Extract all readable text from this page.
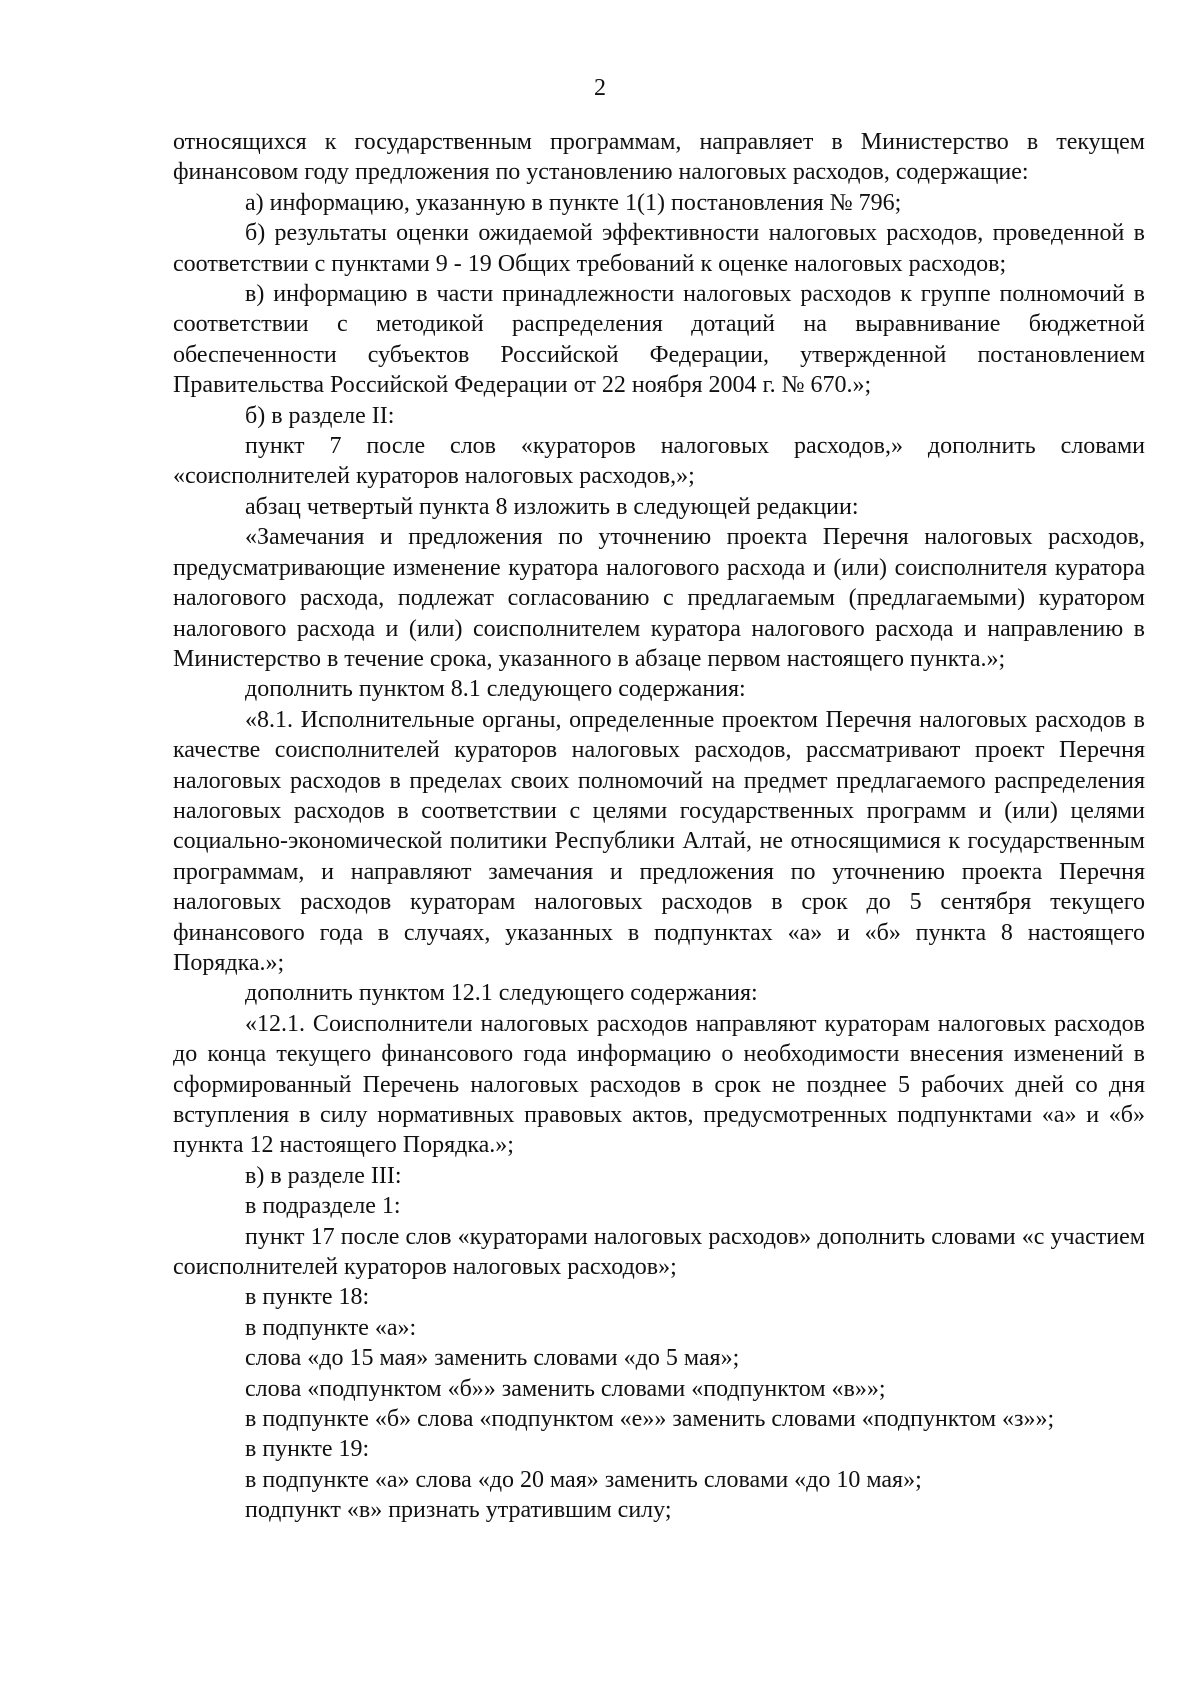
2

относящихся к государственным программам, направляет в Министерство в текущем финансовом году предложения по установлению налоговых расходов, содержащие:

а) информацию, указанную в пункте 1(1) постановления № 796;

б) результаты оценки ожидаемой эффективности налоговых расходов, проведенной в соответствии с пунктами 9 - 19 Общих требований к оценке налоговых расходов;

в) информацию в части принадлежности налоговых расходов к группе полномочий в соответствии с методикой распределения дотаций на выравнивание бюджетной обеспеченности субъектов Российской Федерации, утвержденной постановлением Правительства Российской Федерации от 22 ноября 2004 г. № 670.»;

б) в разделе II:

пункт 7 после слов «кураторов налоговых расходов,» дополнить словами «соисполнителей кураторов налоговых расходов,»;

абзац четвертый пункта 8 изложить в следующей редакции:

«Замечания и предложения по уточнению проекта Перечня налоговых расходов, предусматривающие изменение куратора налогового расхода и (или) соисполнителя куратора налогового расхода, подлежат согласованию с предлагаемым (предлагаемыми) куратором налогового расхода и (или) соисполнителем куратора налогового расхода и направлению в Министерство в течение срока, указанного в абзаце первом настоящего пункта.»;

дополнить пунктом 8.1 следующего содержания:

«8.1. Исполнительные органы, определенные проектом Перечня налоговых расходов в качестве соисполнителей кураторов налоговых расходов, рассматривают проект Перечня налоговых расходов в пределах своих полномочий на предмет предлагаемого распределения налоговых расходов в соответствии с целями государственных программ и (или) целями социально-экономической политики Республики Алтай, не относящимися к государственным программам, и направляют замечания и предложения по уточнению проекта Перечня налоговых расходов кураторам налоговых расходов в срок до 5 сентября текущего финансового года в случаях, указанных в подпунктах «а» и «б» пункта 8 настоящего Порядка.»;

дополнить пунктом 12.1 следующего содержания:

«12.1. Соисполнители налоговых расходов направляют кураторам налоговых расходов до конца текущего финансового года информацию о необходимости внесения изменений в сформированный Перечень налоговых расходов в срок не позднее 5 рабочих дней со дня вступления в силу нормативных правовых актов, предусмотренных подпунктами «а» и «б» пункта 12 настоящего Порядка.»;

в) в разделе III:

в подразделе 1:

пункт 17 после слов «кураторами налоговых расходов» дополнить словами «с участием соисполнителей кураторов налоговых расходов»;

в пункте 18:

в подпункте «а»:

слова «до 15 мая» заменить словами «до 5 мая»;

слова «подпунктом «б»» заменить словами «подпунктом «в»»;

в подпункте «б» слова «подпунктом «е»» заменить словами «подпунктом «з»»;

в пункте 19:

в подпункте «а» слова «до 20 мая» заменить словами «до 10 мая»;

подпункт «в» признать утратившим силу;
